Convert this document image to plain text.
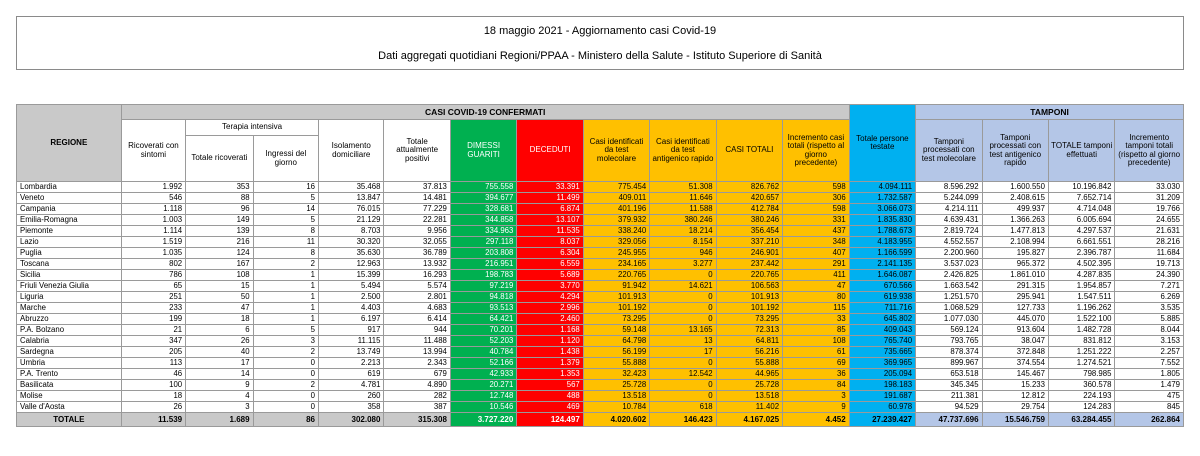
18 maggio 2021 - Aggiornamento casi Covid-19
Dati aggregati quotidiani Regioni/PPAA - Ministero della Salute - Istituto Superiore di Sanità
REGIONE	CASI COVID-19 CONFERMATI											Totale persone testate	TAMPONI			
	Ricoverati con sintomi	Terapia intensiva		Isolamento domiciliare	Totale attualmente positivi	DIMESSI GUARITI	DECEDUTI	Casi identificati da test molecolare	Casi identificati da test antigenico rapido	CASI TOTALI	Incremento casi totali (rispetto al giorno precedente)		Tamponi processati con test molecolare	Tamponi processati con test antigenico rapido	TOTALE tamponi effettuati	Incremento tamponi totali (rispetto al giorno precedente)
		Totale ricoverati	Ingressi del giorno													
Lombardia	1.992	353	16	35.468	37.813	755.558	33.391	775.454	51.308	826.762	598	4.094.111	8.596.292	1.600.550	10.196.842	33.030
Veneto	546	88	5	13.847	14.481	394.677	11.499	409.011	11.646	420.657	306	1.732.587	5.244.099	2.408.615	7.652.714	31.209
Campania	1.118	96	14	76.015	77.229	328.681	6.874	401.196	11.588	412.784	598	3.066.073	4.214.111	499.937	4.714.048	19.766
Emilia-Romagna	1.003	149	5	21.129	22.281	344.858	13.107	379.932	380.246	380.246	331	1.835.830	4.639.431	1.366.263	6.005.694	24.655
Piemonte	1.114	139	8	8.703	9.956	334.963	11.535	338.240	18.214	356.454	437	1.788.673	2.819.724	1.477.813	4.297.537	21.631
Lazio	1.519	216	11	30.320	32.055	297.118	8.037	329.056	8.154	337.210	348	4.183.955	4.552.557	2.108.994	6.661.551	28.216
Puglia	1.035	124	8	35.630	36.789	203.808	6.304	245.955	946	246.901	407	1.166.599	2.200.960	195.827	2.396.787	11.684
Toscana	802	167	2	12.963	13.932	216.951	6.559	234.165	3.277	237.442	291	2.141.135	3.537.023	965.372	4.502.395	19.713
Sicilia	786	108	1	15.399	16.293	198.783	5.689	220.765	0	220.765	411	1.646.087	2.426.825	1.861.010	4.287.835	24.390
Friuli Venezia Giulia	65	15	1	5.494	5.574	97.219	3.770	91.942	14.621	106.563	47	670.566	1.663.542	291.315	1.954.857	7.271
Liguria	251	50	1	2.500	2.801	94.818	4.294	101.913	0	101.913	80	619.938	1.251.570	295.941	1.547.511	6.269
Marche	233	47	1	4.403	4.683	93.513	2.996	101.192	0	101.192	115	711.716	1.068.529	127.733	1.196.262	3.535
Abruzzo	199	18	1	6.197	6.414	64.421	2.460	73.295	0	73.295	33	645.802	1.077.030	445.070	1.522.100	5.885
P.A. Bolzano	21	6	5	917	944	70.201	1.168	59.148	13.165	72.313	85	409.043	569.124	913.604	1.482.728	8.044
Calabria	347	26	3	11.115	11.488	52.203	1.120	64.798	13	64.811	108	765.740	793.765	38.047	831.812	3.153
Sardegna	205	40	2	13.749	13.994	40.784	1.438	56.199	17	56.216	61	735.665	878.374	372.848	1.251.222	2.257
Umbria	113	17	0	2.213	2.343	52.166	1.379	55.888	0	55.888	69	369.965	899.967	374.554	1.274.521	7.552
P.A. Trento	46	14	0	619	679	42.933	1.353	32.423	12.542	44.965	36	205.094	653.518	145.467	798.985	1.805
Basilicata	100	9	2	4.781	4.890	20.271	567	25.728	0	25.728	84	198.183	345.345	15.233	360.578	1.479
Molise	18	4	0	260	282	12.748	488	13.518	0	13.518	3	191.687	211.381	12.812	224.193	475
Valle d'Aosta	26	3	0	358	387	10.546	469	10.784	618	11.402	9	60.978	94.529	29.754	124.283	845
TOTALE	11.539	1.689	86	302.080	315.308	3.727.220	124.497	4.020.602	146.423	4.167.025	4.452	27.239.427	47.737.696	15.546.759	63.284.455	262.864
